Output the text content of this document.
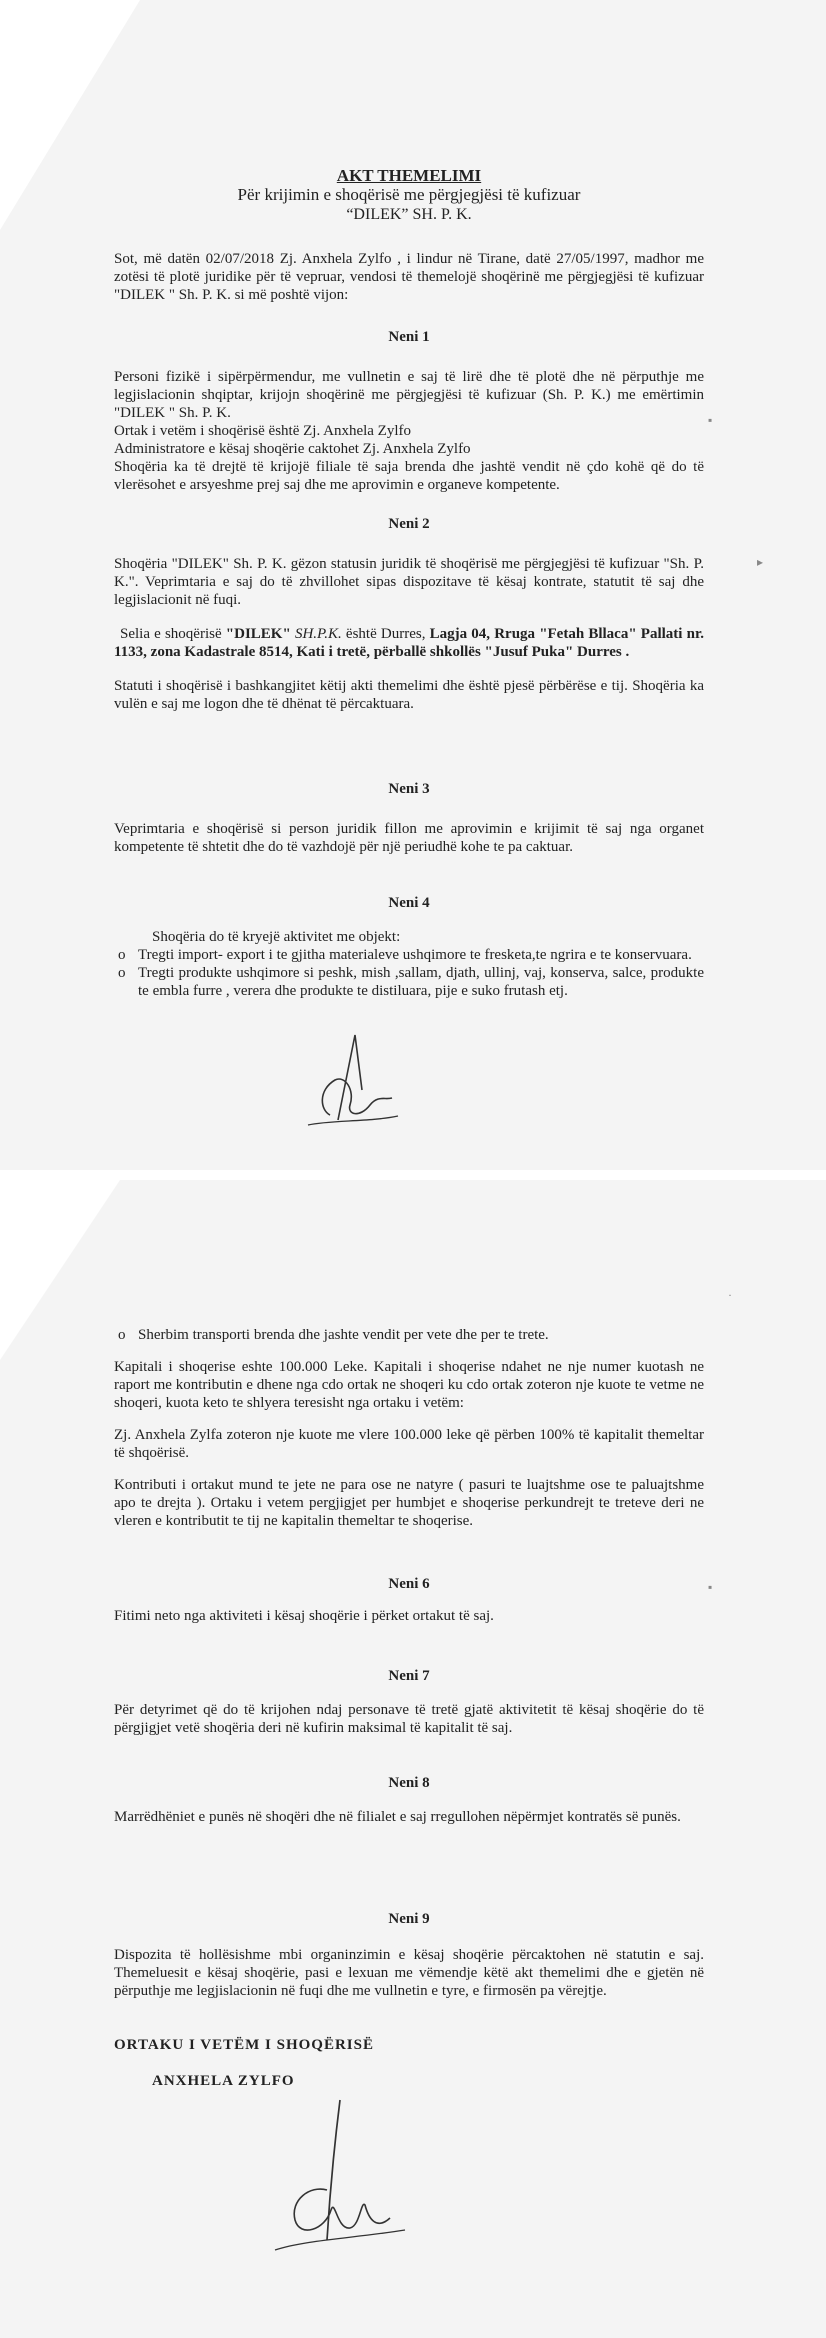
AKT THEMELIMI

Për krijimin e shoqërisë me përgjegjësi të kufizuar

“DILEK” SH. P. K.

Sot, më datën 02/07/2018 Zj. Anxhela Zylfo , i lindur në Tirane, datë 27/05/1997, madhor me zotësi të plotë juridike për të vepruar, vendosi të themelojë shoqërinë me përgjegjësi të kufizuar "DILEK " Sh. P. K. si më poshtë vijon:

Neni 1

Personi fizikë i sipërpërmendur, me vullnetin e saj të lirë dhe të plotë dhe në përputhje me legjislacionin shqiptar, krijojn shoqërinë me përgjegjësi të kufizuar (Sh. P. K.) me emërtimin "DILEK " Sh. P. K.

Ortak i vetëm i shoqërisë është Zj. Anxhela Zylfo

Administratore e kësaj shoqërie caktohet Zj. Anxhela Zylfo

Shoqëria ka të drejtë të krijojë filiale të saja brenda dhe jashtë vendit në çdo kohë që do të vlerësohet e arsyeshme prej saj dhe me aprovimin e organeve kompetente.

Neni 2

Shoqëria "DILEK" Sh. P. K. gëzon statusin juridik të shoqërisë me përgjegjësi të kufizuar "Sh. P. K.". Veprimtaria e saj do të zhvillohet sipas dispozitave të kësaj kontrate, statutit të saj dhe legjislacionit në fuqi.

Selia e shoqërisë "DILEK" SH.P.K. është Durres, Lagja 04, Rruga "Fetah Bllaca" Pallati nr. 1133, zona Kadastrale 8514, Kati i tretë, përballë shkollës "Jusuf Puka" Durres .

Statuti i shoqërisë i bashkangjitet këtij akti themelimi dhe është pjesë përbërëse e tij. Shoqëria ka vulën e saj me logon dhe të dhënat të përcaktuara.

Neni 3

Veprimtaria e shoqërisë si person juridik fillon me aprovimin e krijimit të saj nga organet kompetente të shtetit dhe do të vazhdojë për një periudhë kohe te pa caktuar.

Neni 4

Shoqëria do të kryejë aktivitet me objekt:

o Tregti import- export i te gjitha materialeve ushqimore te fresketa,te ngrira e te konservuara.
o Tregti produkte ushqimore si peshk, mish ,sallam, djath, ullinj, vaj, konserva, salce, produkte te embla furre , verera dhe produkte te distiluara, pije e suko frutash etj.
▪
▸
o Sherbim transporti brenda dhe jashte vendit per vete dhe per te trete.

Kapitali i shoqerise eshte 100.000 Leke. Kapitali i shoqerise ndahet ne nje numer kuotash ne raport me kontributin e dhene nga cdo ortak ne shoqeri ku cdo ortak zoteron nje kuote te vetme ne shoqeri, kuota keto te shlyera teresisht nga ortaku i vetëm:

Zj. Anxhela Zylfa zoteron nje kuote me vlere 100.000 leke që përben 100% të kapitalit themeltar të shqoërisë.

Kontributi i ortakut mund te jete ne para ose ne natyre ( pasuri te luajtshme ose te paluajtshme apo te drejta ). Ortaku i vetem pergjigjet per humbjet e shoqerise perkundrejt te treteve deri ne vleren e kontributit te tij ne kapitalin themeltar te shoqerise.

Neni 6

Fitimi neto nga aktiviteti i kësaj shoqërie i përket ortakut të saj.

Neni 7

Për detyrimet që do të krijohen ndaj personave të tretë gjatë aktivitetit të kësaj shoqërie do të përgjigjet vetë shoqëria deri në kufirin maksimal të kapitalit të saj.

Neni 8

Marrëdhëniet e punës në shoqëri dhe në filialet e saj rregullohen nëpërmjet kontratës së punës.

Neni 9

Dispozita të hollësishme mbi organinzimin e kësaj shoqërie përcaktohen në statutin e saj. Themeluesit e kësaj shoqërie, pasi e lexuan me vëmendje këtë akt themelimi dhe e gjetën në përputhje me legjislacionin në fuqi dhe me vullnetin e tyre, e firmosën pa vërejtje.

ORTAKU I VETËM I SHOQËRISË

ANXHELA ZYLFO

▪
·
